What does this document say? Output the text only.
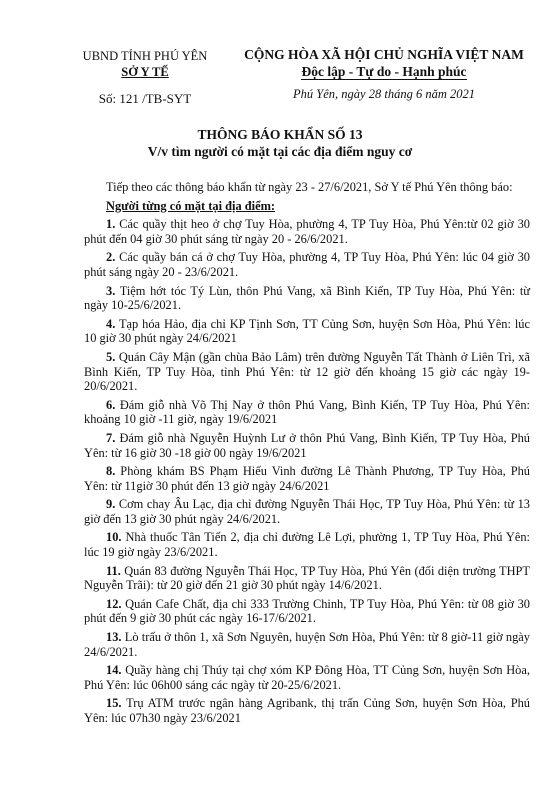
UBND TỈNH PHÚ YÊN
SỞ Y TẾ
Số: 121 /TB-SYT
CỘNG HÒA XÃ HỘI CHỦ NGHĨA VIỆT NAM
Độc lập - Tự do - Hạnh phúc
Phú Yên, ngày 28 tháng 6 năm 2021
THÔNG BÁO KHẨN SỐ 13
V/v tìm người có mặt tại các địa điểm nguy cơ

Tiếp theo các thông báo khẩn từ ngày 23 - 27/6/2021, Sở Y tế Phú Yên thông báo:

Người từng có mặt tại địa điểm:

1. Các quầy thịt heo ở chợ Tuy Hòa, phường 4, TP Tuy Hòa, Phú Yên:từ 02 giờ 30 phút đến 04 giờ 30 phút sáng từ ngày 20 - 26/6/2021.

2. Các quầy bán cá ở chợ Tuy Hòa, phường 4, TP Tuy Hòa, Phú Yên: lúc 04 giờ 30 phút sáng ngày 20 - 23/6/2021.

3. Tiệm hớt tóc Tý Lùn, thôn Phú Vang, xã Bình Kiến, TP Tuy Hòa, Phú Yên: từ ngày 10-25/6/2021.

4. Tạp hóa Hảo, địa chỉ KP Tịnh Sơn, TT Củng Sơn, huyện Sơn Hòa, Phú Yên: lúc 10 giờ 30 phút ngày 24/6/2021

5. Quán Cây Mận (gần chùa Bảo Lâm) trên đường Nguyễn Tất Thành ở Liên Trì, xã Bình Kiến, TP Tuy Hòa, tỉnh Phú Yên: từ 12 giờ đến khoảng 15 giờ các ngày 19-20/6/2021.

6. Đám giỗ nhà Võ Thị Nay ở thôn Phú Vang, Bình Kiến, TP Tuy Hòa, Phú Yên: khoảng 10 giờ -11 giờ, ngày 19/6/2021

7. Đám giỗ nhà Nguyễn Huỳnh Lư ở thôn Phú Vang, Bình Kiến, TP Tuy Hòa, Phú Yên: từ 16 giờ 30 -18 giờ 00 ngày 19/6/2021

8. Phòng khám BS Phạm Hiếu Vinh đường Lê Thành Phương, TP Tuy Hòa, Phú Yên: từ 11giờ 30 phút đến 13 giờ ngày 24/6/2021

9. Cơm chay Âu Lạc, địa chỉ đường Nguyễn Thái Học, TP Tuy Hòa, Phú Yên: từ 13 giờ đến 13 giờ 30 phút ngày 24/6/2021.

10. Nhà thuốc Tân Tiến 2, địa chỉ đường Lê Lợi, phường 1, TP Tuy Hòa, Phú Yên: lúc 19 giờ ngày 23/6/2021.

11. Quán 83 đường Nguyễn Thái Học, TP Tuy Hòa, Phú Yên (đối diện trường THPT Nguyễn Trãi): từ 20 giờ đến 21 giờ 30 phút ngày 14/6/2021.

12. Quán Cafe Chất, địa chỉ 333 Trường Chinh, TP Tuy Hòa, Phú Yên: từ 08 giờ 30 phút đến 9 giờ 30 phút các ngày 16-17/6/2021.

13. Lò trấu ở thôn 1, xã Sơn Nguyên, huyện Sơn Hòa, Phú Yên: từ 8 giờ-11 giờ ngày 24/6/2021.

14. Quầy hàng chị Thúy tại chợ xóm KP Đông Hòa, TT Củng Sơn, huyện Sơn Hòa, Phú Yên: lúc 06h00 sáng các ngày từ 20-25/6/2021.

15. Trụ ATM trước ngân hàng Agribank, thị trấn Củng Sơn, huyện Sơn Hòa, Phú Yên: lúc 07h30 ngày 23/6/2021
